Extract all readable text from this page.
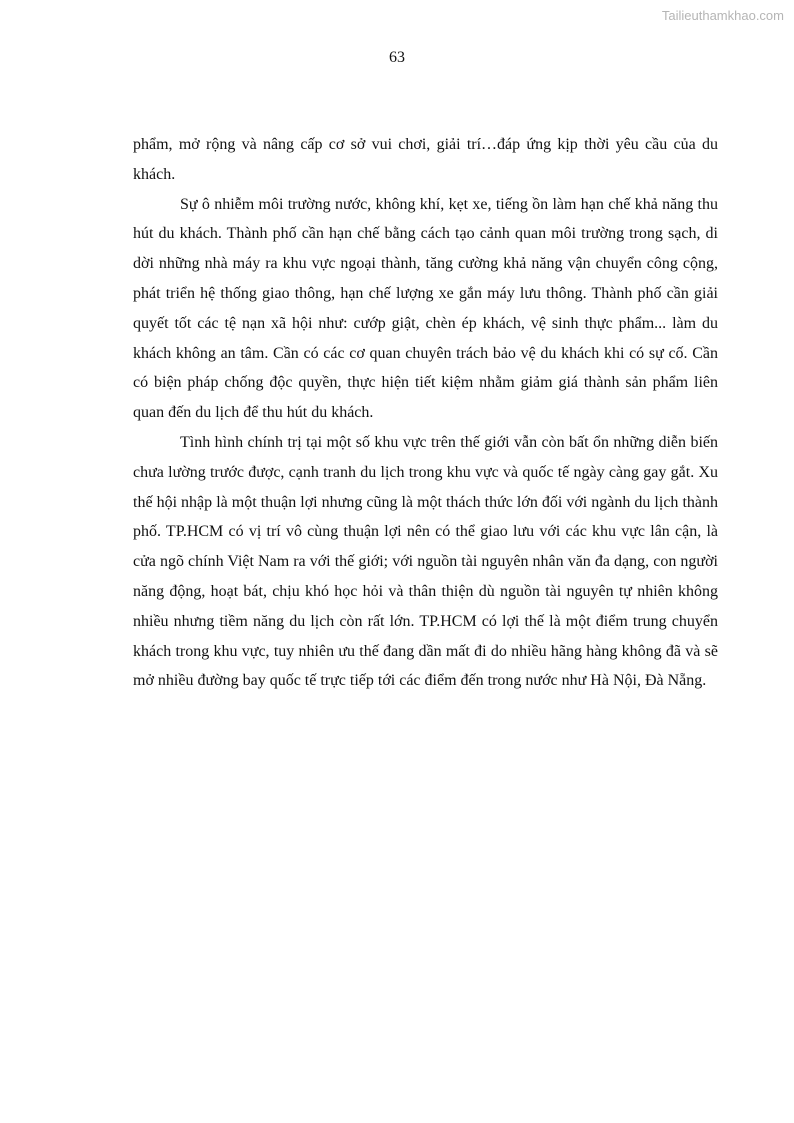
Tailieuthamkhao.com
63

phẩm, mở rộng và nâng cấp cơ sở vui chơi, giải trí…đáp ứng kịp thời yêu cầu của du khách.

Sự ô nhiễm môi trường nước, không khí, kẹt xe, tiếng ồn làm hạn chế khả năng thu hút du khách. Thành phố cần hạn chế bằng cách tạo cảnh quan môi trường trong sạch, di dời những nhà máy ra khu vực ngoại thành, tăng cường khả năng vận chuyển công cộng, phát triển hệ thống giao thông, hạn chế lượng xe gắn máy lưu thông. Thành phố cần giải quyết tốt các tệ nạn xã hội như: cướp giật, chèn ép khách, vệ sinh thực phẩm... làm du khách không an tâm. Cần có các cơ quan chuyên trách bảo vệ du khách khi có sự cố. Cần có biện pháp chống độc quyền, thực hiện tiết kiệm nhằm giảm giá thành sản phẩm liên quan đến du lịch để thu hút du khách.

Tình hình chính trị tại một số khu vực trên thế giới vẫn còn bất ổn những diễn biến chưa lường trước được, cạnh tranh du lịch trong khu vực và quốc tế ngày càng gay gắt. Xu thế hội nhập là một thuận lợi nhưng cũng là một thách thức lớn đối với ngành du lịch thành phố. TP.HCM có vị trí vô cùng thuận lợi nên có thể giao lưu với các khu vực lân cận, là cửa ngõ chính Việt Nam ra với thế giới; với nguồn tài nguyên nhân văn đa dạng, con người năng động, hoạt bát, chịu khó học hỏi và thân thiện dù nguồn tài nguyên tự nhiên không nhiều nhưng tiềm năng du lịch còn rất lớn. TP.HCM có lợi thế là một điểm trung chuyển khách trong khu vực, tuy nhiên ưu thế đang dần mất đi do nhiều hãng hàng không đã và sẽ mở nhiều đường bay quốc tế trực tiếp tới các điểm đến trong nước như Hà Nội, Đà Nẵng.
